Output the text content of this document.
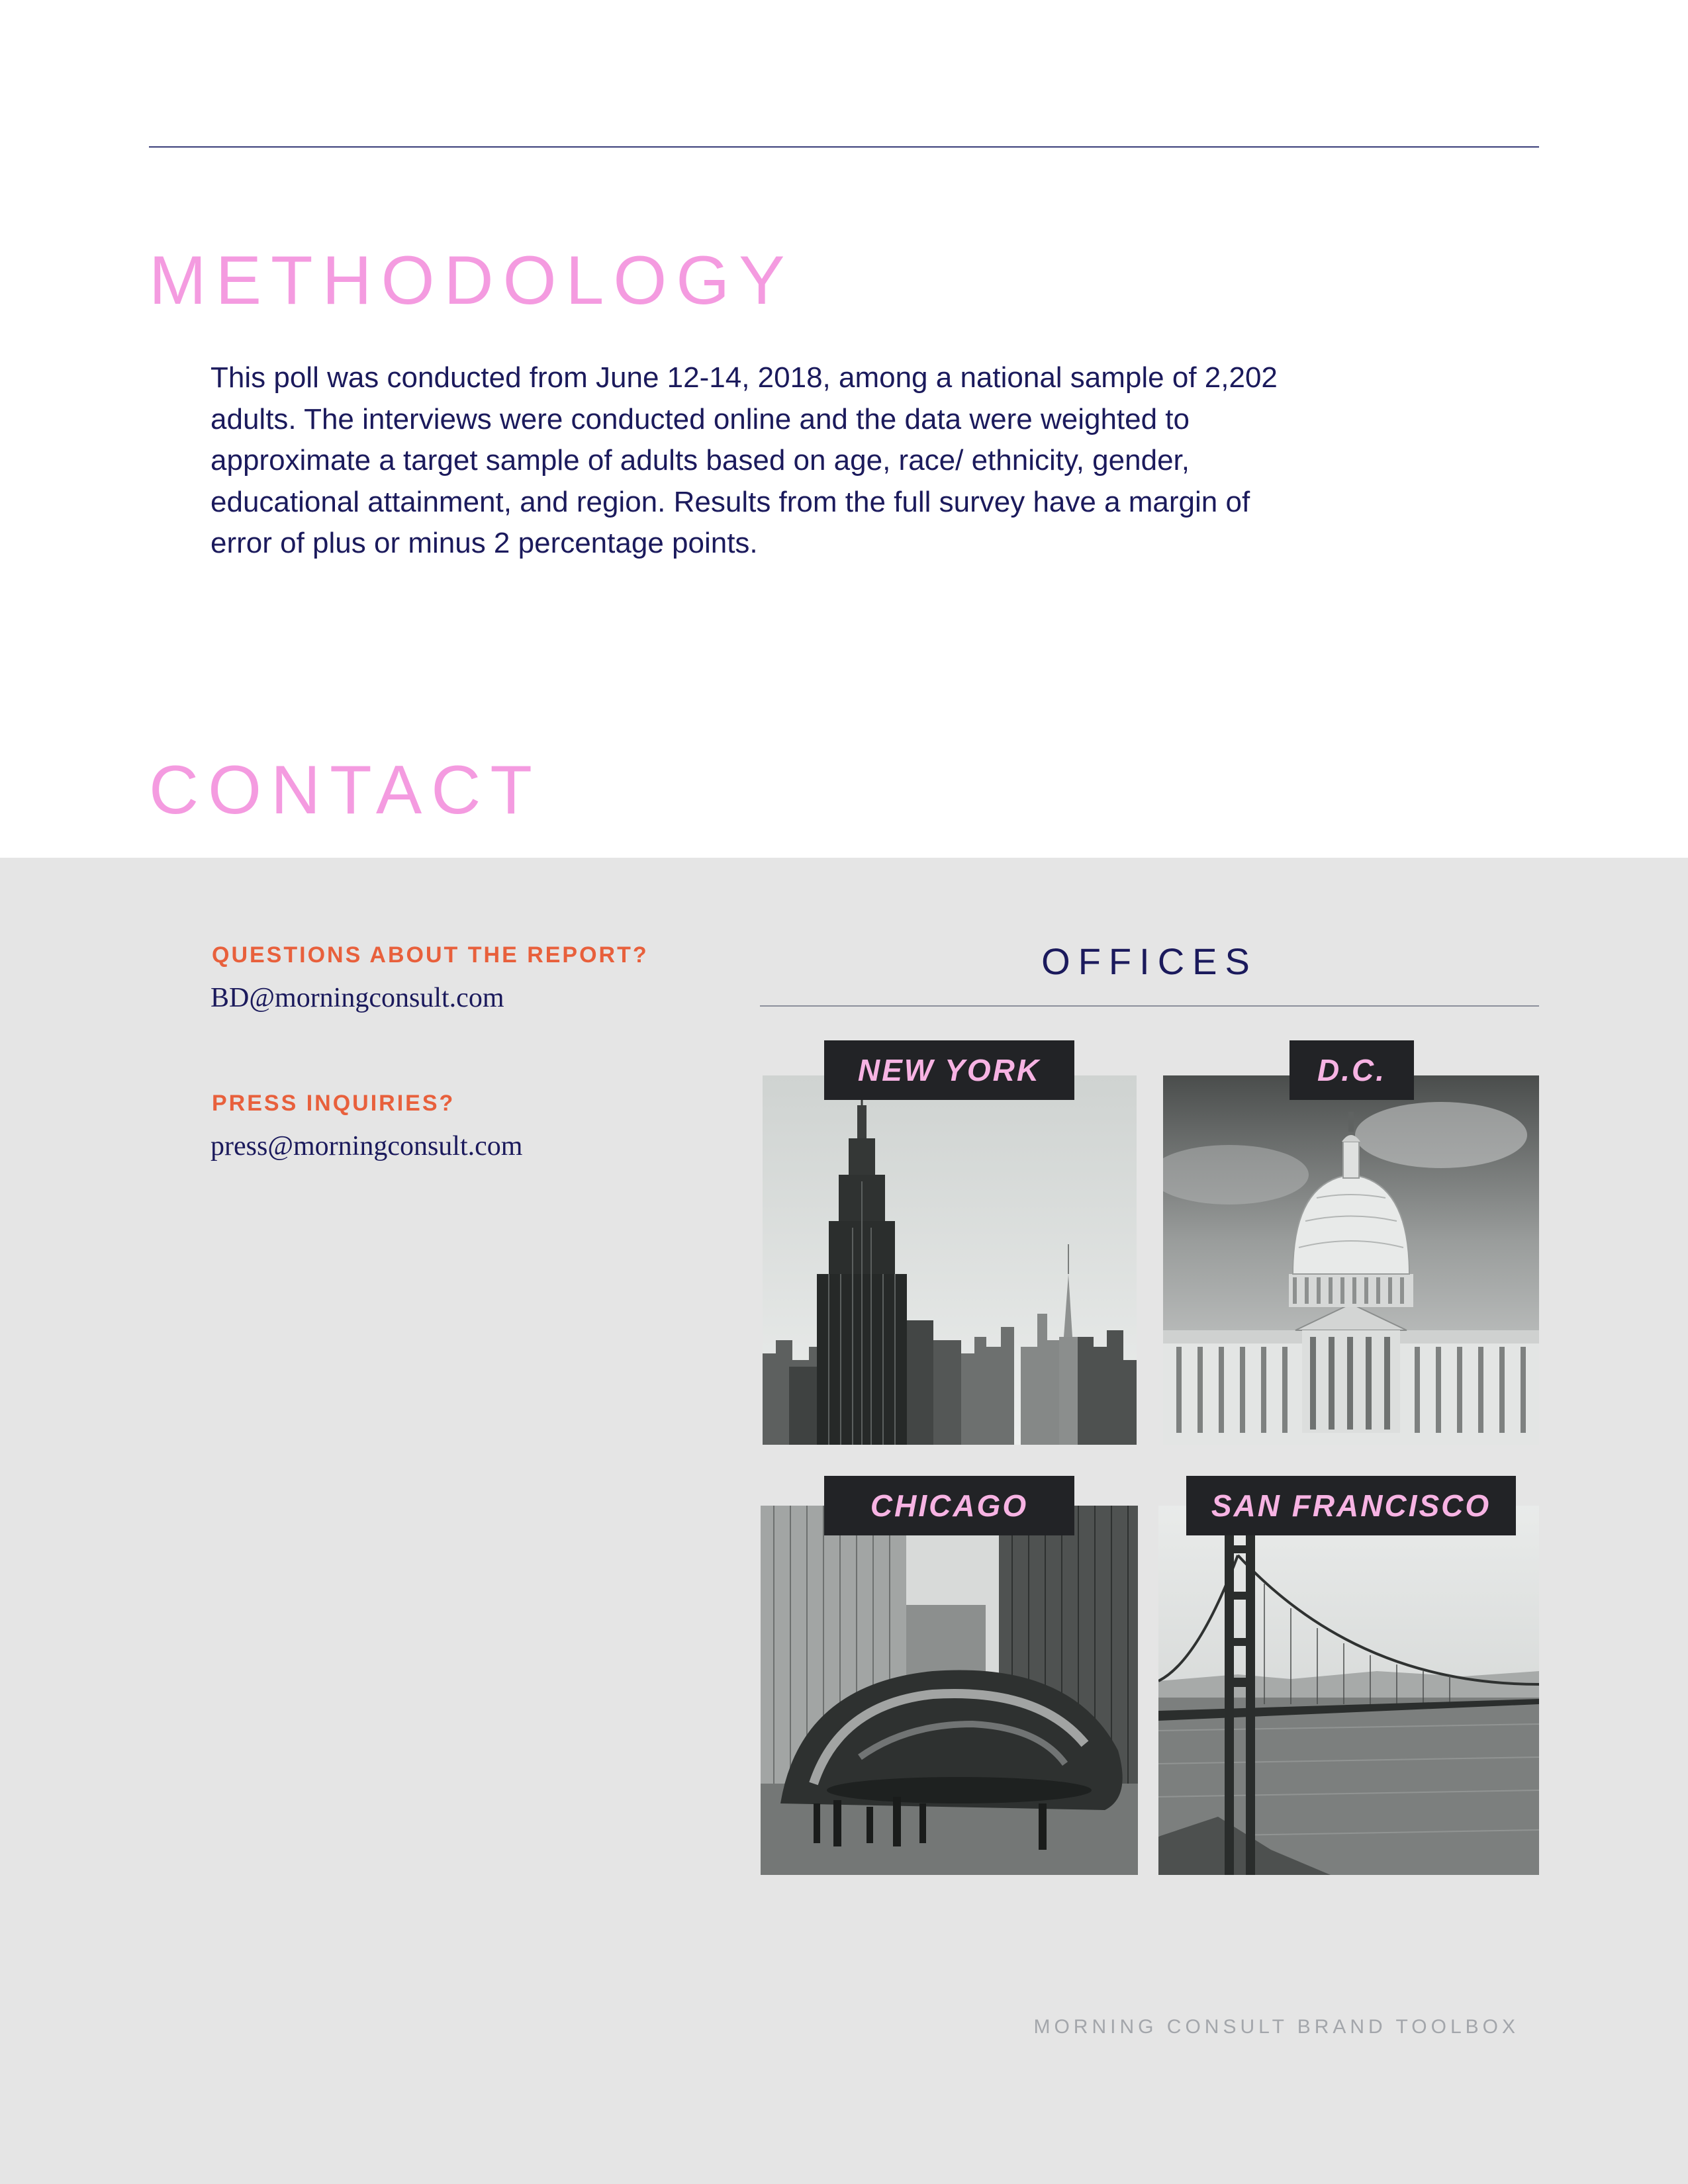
METHODOLOGY

This poll was conducted from June 12-14, 2018, among a national sample of 2,202 adults. The interviews were conducted online and the data were weighted to approximate a target sample of adults based on age, race/ ethnicity, gender, educational attainment, and region. Results from the full survey have a margin of error of plus or minus 2 percentage points.

CONTACT

QUESTIONS ABOUT THE REPORT?

BD@morningconsult.com

PRESS INQUIRIES?

press@morningconsult.com

OFFICES
NEW YORK	D.C.
CHICAGO	SAN FRANCISCO

MORNING CONSULT BRAND TOOLBOX
